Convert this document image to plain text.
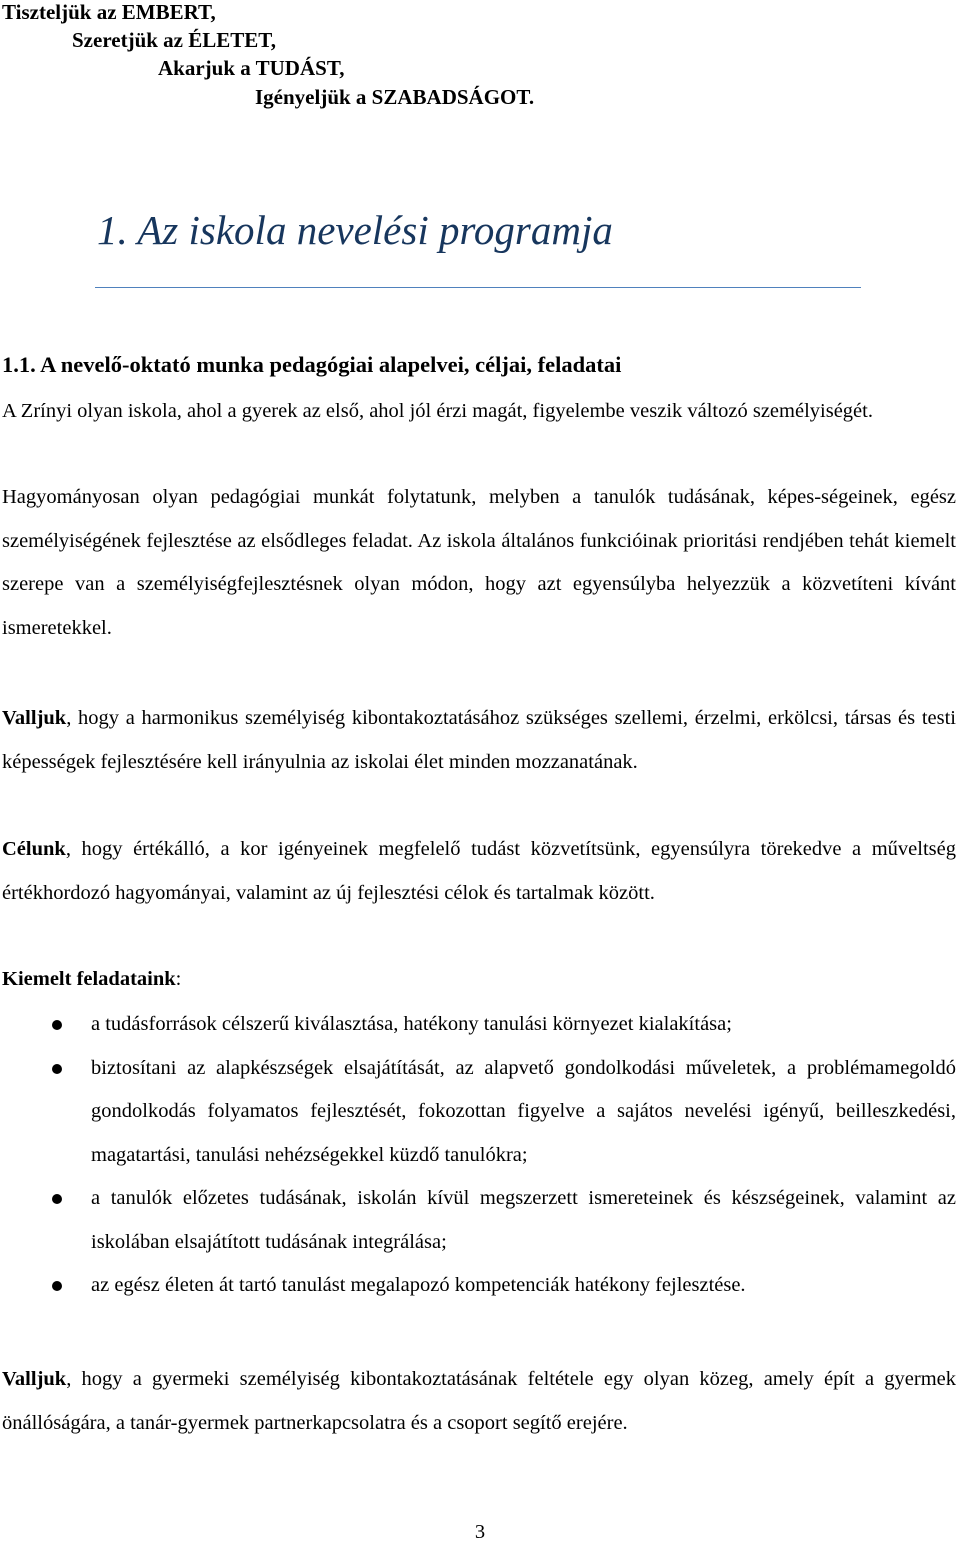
Tiszteljük az EMBERT,

Szeretjük az ÉLETET,

Akarjuk a TUDÁST,

Igényeljük a SZABADSÁGOT.

1. Az iskola nevelési programja
1.1. A nevelő-oktató munka pedagógiai alapelvei, céljai, feladatai

A Zrínyi olyan iskola, ahol a gyerek az első, ahol jól érzi magát, figyelembe veszik változó személyiségét.

Hagyományosan olyan pedagógiai munkát folytatunk, melyben a tanulók tudásának, képes-ségeinek, egész személyiségének fejlesztése az elsődleges feladat. Az iskola általános funkcióinak prioritási rendjében tehát kiemelt szerepe van a személyiségfejlesztésnek olyan módon, hogy azt egyensúlyba helyezzük a közvetíteni kívánt ismeretekkel.

Valljuk, hogy a harmonikus személyiség kibontakoztatásához szükséges szellemi, érzelmi, erkölcsi, társas és testi képességek fejlesztésére kell irányulnia az iskolai élet minden mozzanatának.

Célunk, hogy értékálló, a kor igényeinek megfelelő tudást közvetítsünk, egyensúlyra törekedve a műveltség értékhordozó hagyományai, valamint az új fejlesztési célok és tartalmak között.

Kiemelt feladataink:

a tudásforrások célszerű kiválasztása, hatékony tanulási környezet kialakítása;
biztosítani az alapkészségek elsajátítását, az alapvető gondolkodási műveletek, a problémamegoldó gondolkodás folyamatos fejlesztését, fokozottan figyelve a sajátos nevelési igényű, beilleszkedési, magatartási, tanulási nehézségekkel küzdő tanulókra;
a tanulók előzetes tudásának, iskolán kívül megszerzett ismereteinek és készségeinek, valamint az iskolában elsajátított tudásának integrálása;
az egész életen át tartó tanulást megalapozó kompetenciák hatékony fejlesztése.

Valljuk, hogy a gyermeki személyiség kibontakoztatásának feltétele egy olyan közeg, amely épít a gyermek önállóságára, a tanár-gyermek partnerkapcsolatra és a csoport segítő erejére.

3
